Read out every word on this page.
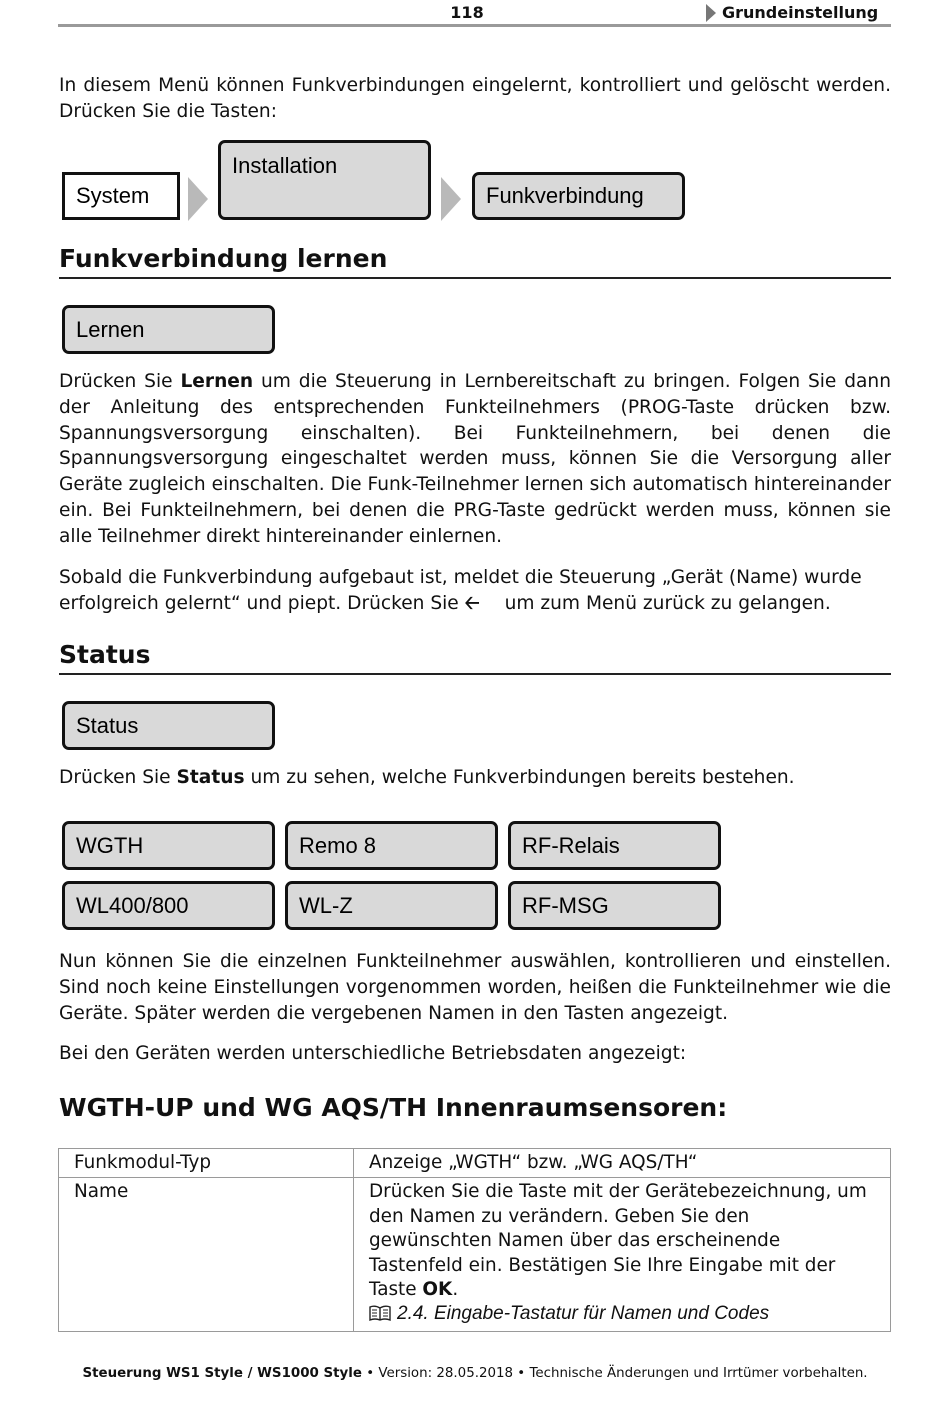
118	Grundeinstellung

In diesem Menü können Funkverbindungen eingelernt, kontrolliert und gelöscht werden. Drücken Sie die Tasten:

System
Installation
Funkverbindung
Funkverbindung lernen
Lernen

Drücken Sie Lernen um die Steuerung in Lernbereitschaft zu bringen. Folgen Sie dann der Anleitung des entsprechenden Funkteilnehmers (PROG-Taste drücken bzw. Spannungsversorgung einschalten). Bei Funkteilnehmern, bei denen die Spannungsversorgung eingeschaltet werden muss, können Sie die Versorgung aller Geräte zugleich einschalten. Die Funk-Teilnehmer lernen sich automatisch hintereinander ein. Bei Funkteilnehmern, bei denen die PRG-Taste gedrückt werden muss, können sie alle Teilnehmer direkt hintereinander einlernen.

Sobald die Funkverbindung aufgebaut ist, meldet die Steuerung „Gerät (Name) wurde erfolgreich gelernt“ und piept. Drücken Sie 🡠 um zum Menü zurück zu gelangen.

Status
Status

Drücken Sie Status um zu sehen, welche Funkverbindungen bereits bestehen.

WGTH	Remo 8	RF-Relais
WL400/800	WL-Z	RF-MSG

Nun können Sie die einzelnen Funkteilnehmer auswählen, kontrollieren und einstellen. Sind noch keine Einstellungen vorgenommen worden, heißen die Funkteilnehmer wie die Geräte. Später werden die vergebenen Namen in den Tasten angezeigt.

Bei den Geräten werden unterschiedliche Betriebsdaten angezeigt:

WGTH-UP und WG AQS/TH Innenraumsensoren:
Funkmodul-Typ	Anzeige „WGTH“ bzw. „WG AQS/TH“
Name	Drücken Sie die Taste mit der Gerätebezeichnung, um den Namen zu verändern. Geben Sie den gewünschten Namen über das erscheinende Tastenfeld ein. Bestätigen Sie Ihre Eingabe mit der Taste OK.
2.4. Eingabe-Tastatur für Namen und Codes
Steuerung WS1 Style / WS1000 Style • Version: 28.05.2018 • Technische Änderungen und Irrtümer vorbehalten.
